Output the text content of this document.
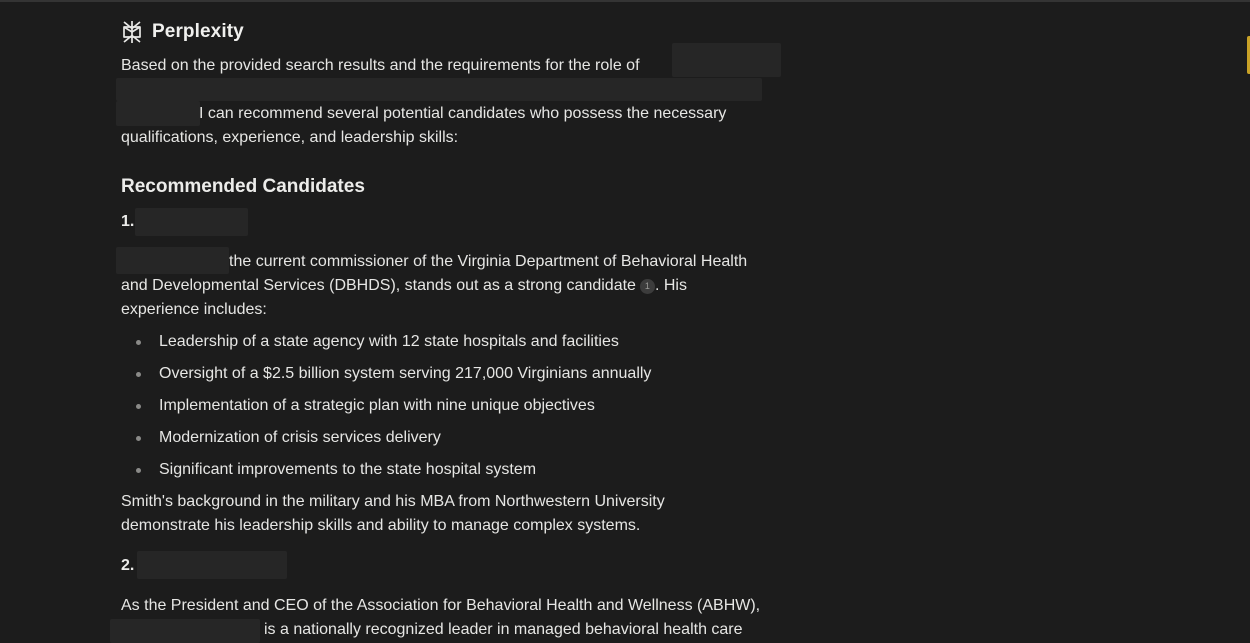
Perplexity
Based on the provided search results and the requirements for the role of
I can recommend several potential candidates who possess the necessary
qualifications, experience, and leadership skills:
Recommended Candidates
1.
the current commissioner of the Virginia Department of Behavioral Health
and Developmental Services (DBHDS), stands out as a strong candidate 1 . His
experience includes:
Leadership of a state agency with 12 state hospitals and facilities
Oversight of a $2.5 billion system serving 217,000 Virginians annually
Implementation of a strategic plan with nine unique objectives
Modernization of crisis services delivery
Significant improvements to the state hospital system
Smith's background in the military and his MBA from Northwestern University
demonstrate his leadership skills and ability to manage complex systems.
2.
As the President and CEO of the Association for Behavioral Health and Wellness (ABHW),
is a nationally recognized leader in managed behavioral health care
